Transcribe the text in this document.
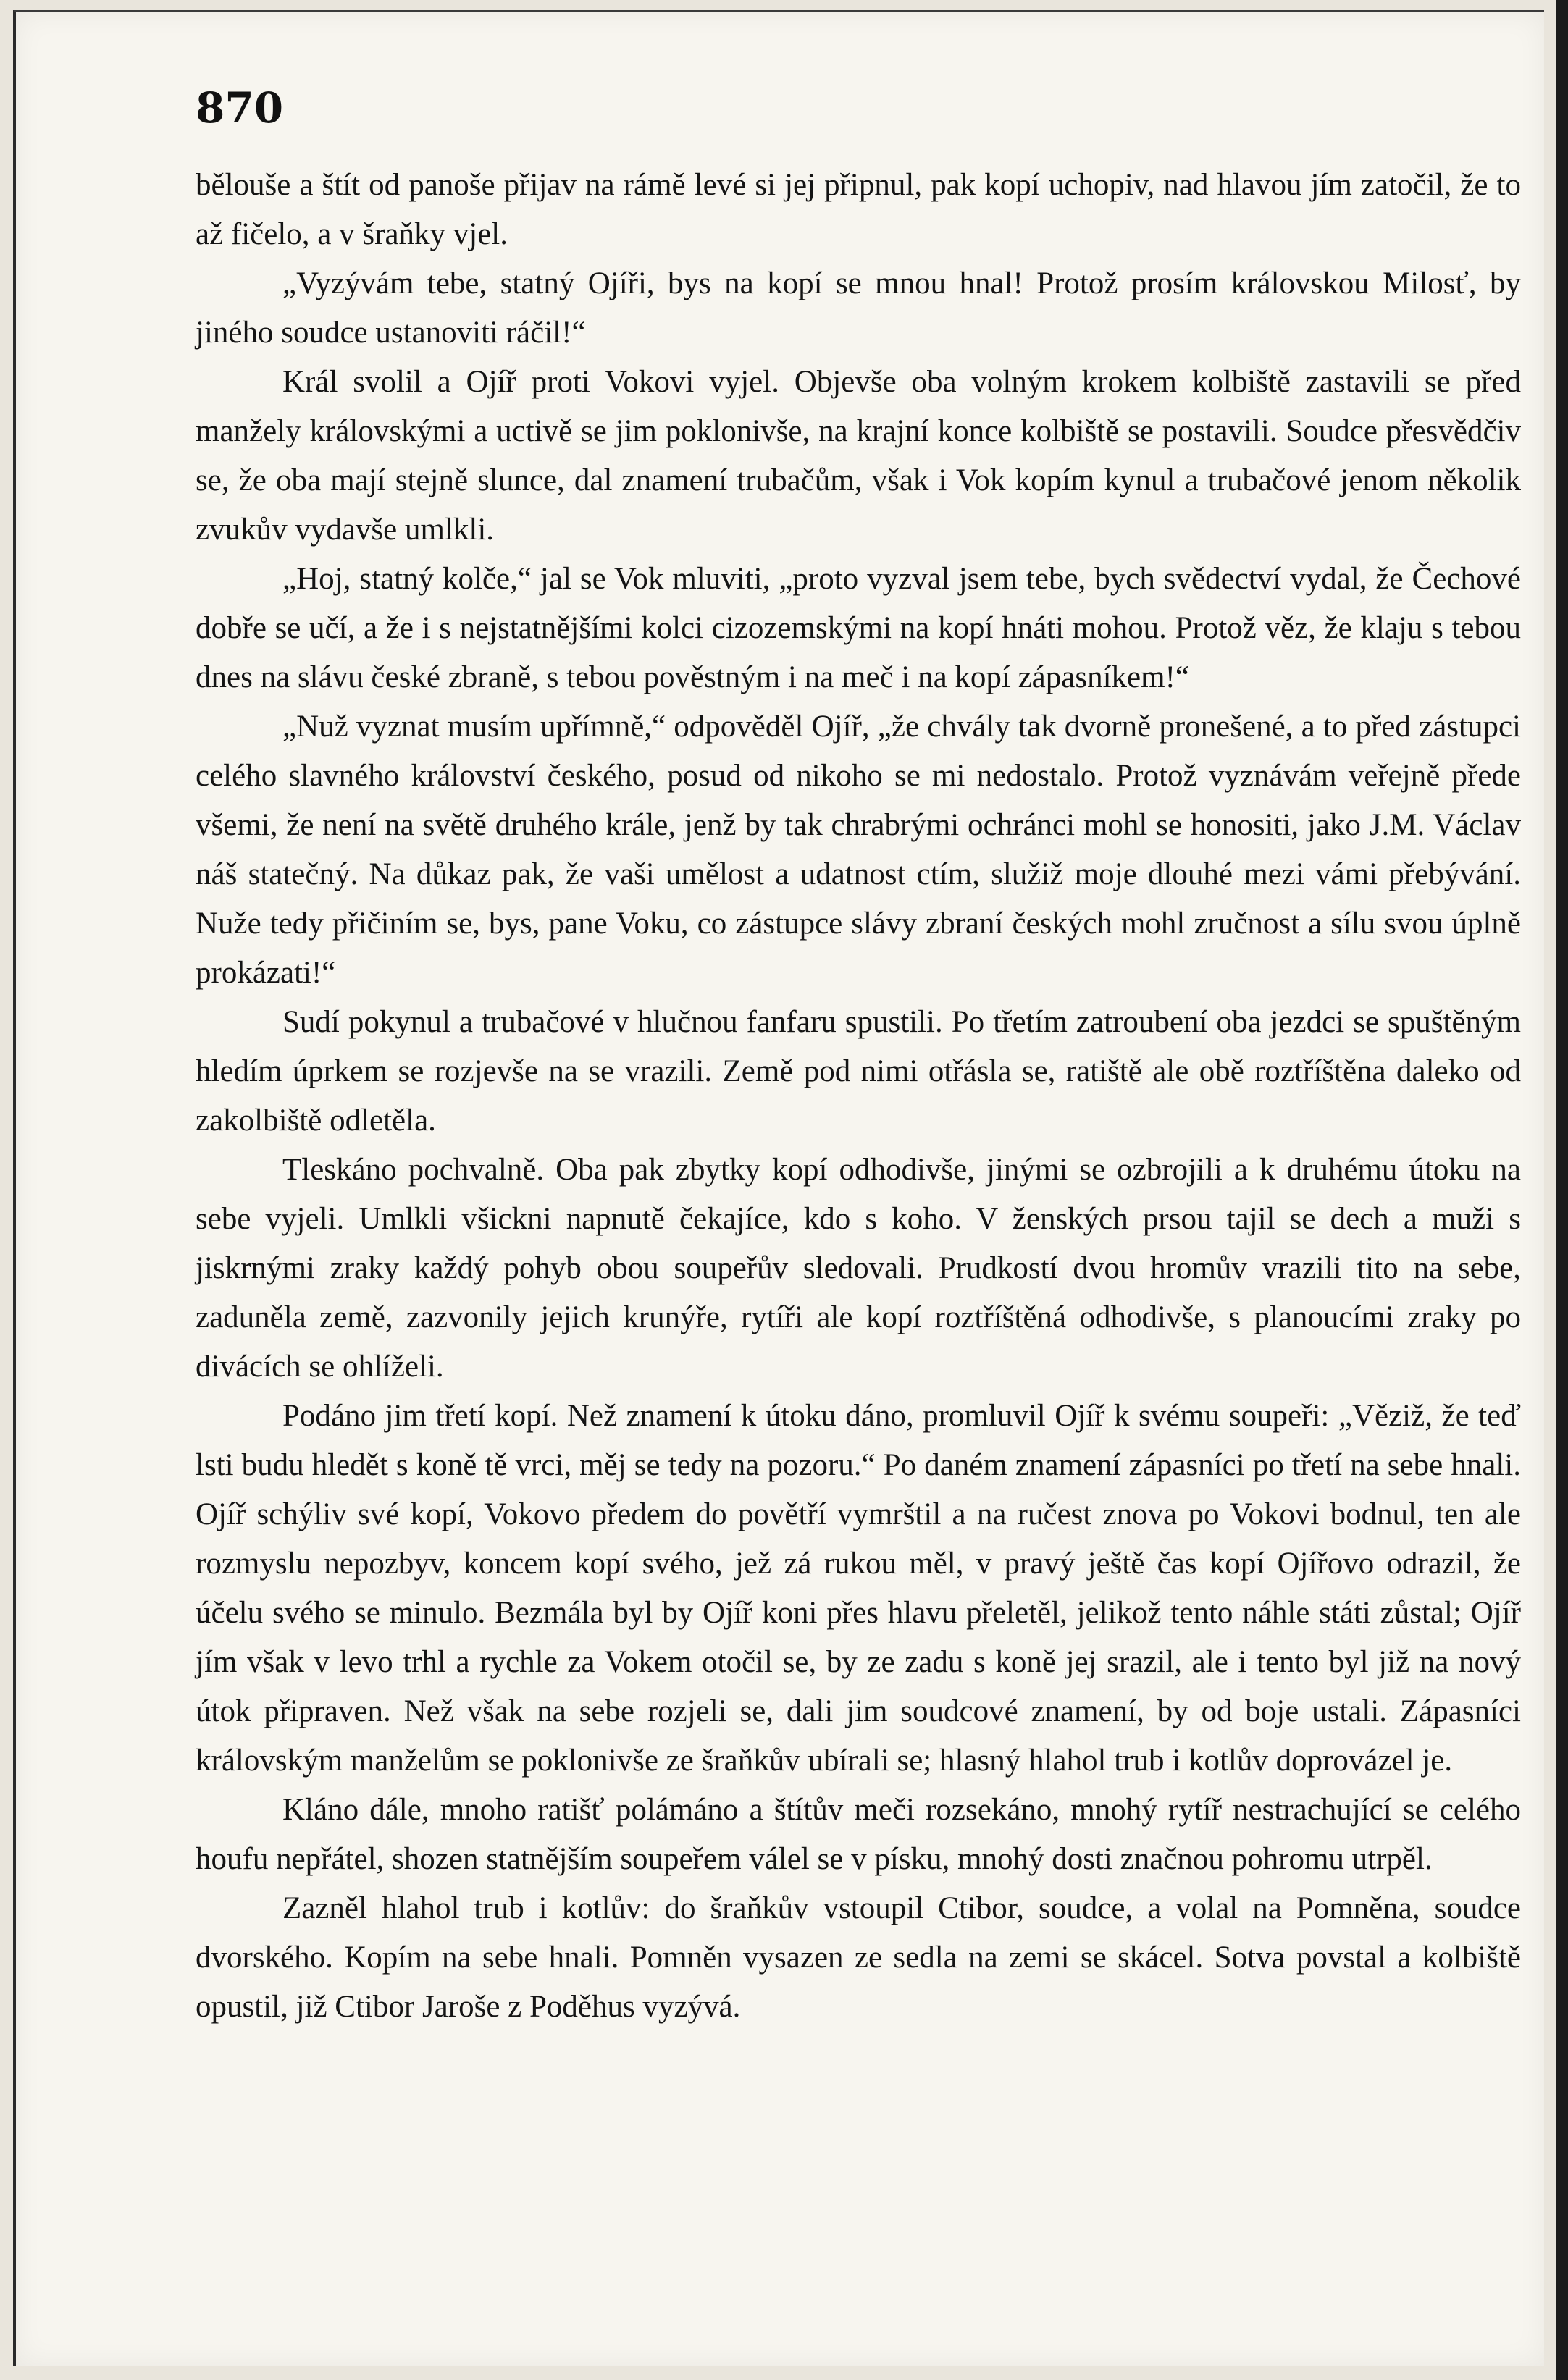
870

bělouše a štít od panoše přijav na rámě levé si jej připnul, pak kopí uchopiv, nad hlavou jím zatočil, že to až fičelo, a v šraňky vjel.

„Vyzývám tebe, statný Ojíři, bys na kopí se mnou hnal! Protož prosím královskou Milosť, by jiného soudce ustanoviti ráčil!“

Král svolil a Ojíř proti Vokovi vyjel. Objevše oba volným krokem kolbiště zastavili se před manžely královskými a uctivě se jim poklonivše, na krajní konce kolbiště se postavili. Soudce přesvědčiv se, že oba mají stejně slunce, dal znamení trubačům, však i Vok kopím kynul a trubačové jenom několik zvukův vydavše umlkli.

„Hoj, statný kolče,“ jal se Vok mluviti, „proto vyzval jsem tebe, bych svědectví vydal, že Čechové dobře se učí, a že i s nejstatnějšími kolci cizozemskými na kopí hnáti mohou. Protož věz, že klaju s tebou dnes na slávu české zbraně, s tebou pověstným i na meč i na kopí zápasníkem!“

„Nuž vyznat musím upřímně,“ odpověděl Ojíř, „že chvály tak dvorně pronešené, a to před zástupci celého slavného království českého, posud od nikoho se mi nedostalo. Protož vyznávám veřejně přede všemi, že není na světě druhého krále, jenž by tak chrabrými ochránci mohl se honositi, jako J.M. Václav náš statečný. Na důkaz pak, že vaši umělost a udatnost ctím, služiž moje dlouhé mezi vámi přebývání. Nuže tedy přičiním se, bys, pane Voku, co zástupce slávy zbraní českých mohl zručnost a sílu svou úplně prokázati!“

Sudí pokynul a trubačové v hlučnou fanfaru spustili. Po třetím zatroubení oba jezdci se spuštěným hledím úprkem se rozjevše na se vrazili. Země pod nimi otřásla se, ratiště ale obě roztříštěna daleko od zakolbiště odletěla.

Tleskáno pochvalně. Oba pak zbytky kopí odhodivše, jinými se ozbrojili a k druhému útoku na sebe vyjeli. Umlkli všickni napnutě čekajíce, kdo s koho. V ženských prsou tajil se dech a muži s jiskrnými zraky každý pohyb obou soupeřův sledovali. Prudkostí dvou hromův vrazili tito na sebe, zaduněla země, zazvonily jejich krunýře, rytíři ale kopí roztříštěná odhodivše, s planoucími zraky po divácích se ohlíželi.

Podáno jim třetí kopí. Než znamení k útoku dáno, promluvil Ojíř k svému soupeři: „Věziž, že teď lsti budu hledět s koně tě vrci, měj se tedy na pozoru.“ Po daném znamení zápasníci po třetí na sebe hnali. Ojíř schýliv své kopí, Vokovo předem do povětří vymrštil a na ručest znova po Vokovi bodnul, ten ale rozmyslu nepozbyv, koncem kopí svého, jež zá rukou měl, v pravý ještě čas kopí Ojířovo odrazil, že účelu svého se minulo. Bezmála byl by Ojíř koni přes hlavu přeletěl, jelikož tento náhle státi zůstal; Ojíř jím však v levo trhl a rychle za Vokem otočil se, by ze zadu s koně jej srazil, ale i tento byl již na nový útok připraven. Než však na sebe rozjeli se, dali jim soudcové znamení, by od boje ustali. Zápasníci královským manželům se poklonivše ze šraňkův ubírali se; hlasný hlahol trub i kotlův doprovázel je.

Kláno dále, mnoho ratišť polámáno a štítův meči rozsekáno, mnohý rytíř nestrachující se celého houfu nepřátel, shozen statnějším soupeřem válel se v písku, mnohý dosti značnou pohromu utrpěl.

Zazněl hlahol trub i kotlův: do šraňkův vstoupil Ctibor, soudce, a volal na Pomněna, soudce dvorského. Kopím na sebe hnali. Pomněn vysazen ze sedla na zemi se skácel. Sotva povstal a kolbiště opustil, již Ctibor Jaroše z Poděhus vyzývá.
